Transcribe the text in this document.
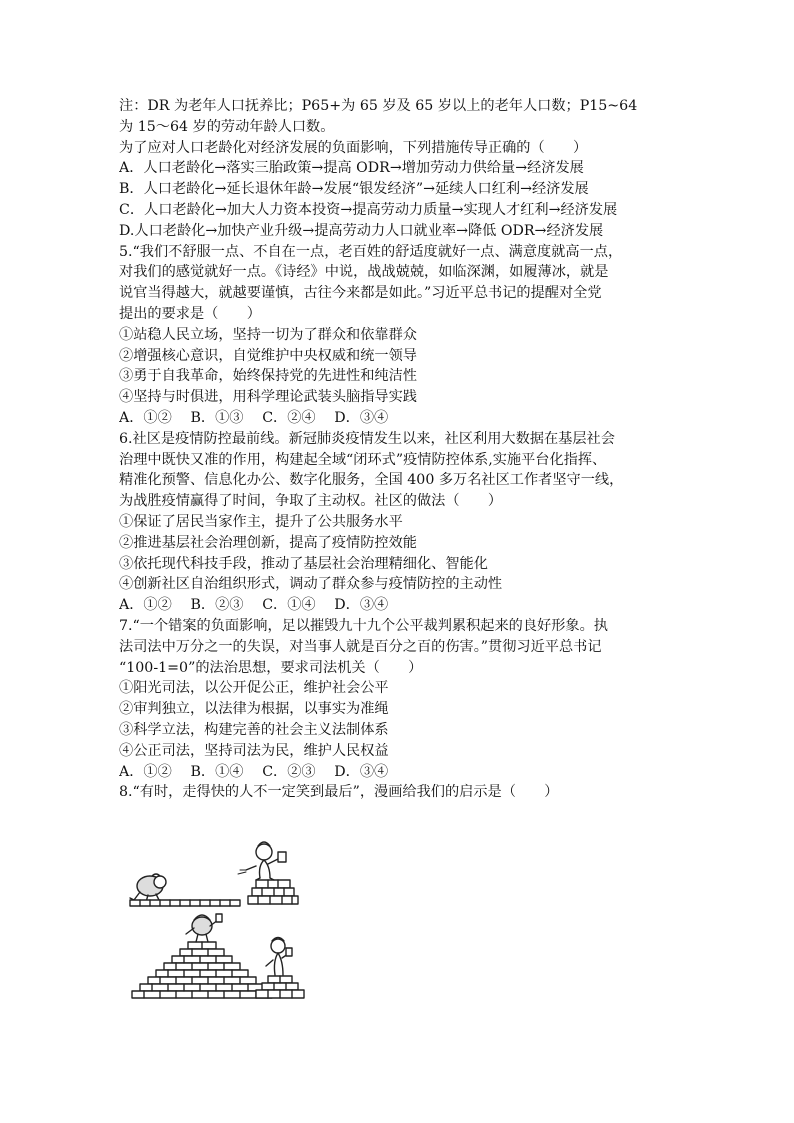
注：DR 为老年人口抚养比；P65+为 65 岁及 65 岁以上的老年人口数；P15~64
为 15～64 岁的劳动年龄人口数。
为了应对人口老龄化对经济发展的负面影响，下列措施传导正确的（　　）
A．人口老龄化→落实三胎政策→提高 ODR→增加劳动力供给量→经济发展
B．人口老龄化→延长退休年龄→发展“银发经济”→延续人口红利→经济发展
C．人口老龄化→加大人力资本投资→提高劳动力质量→实现人才红利→经济发展
D.人口老龄化→加快产业升级→提高劳动力人口就业率→降低 ODR→经济发展
5.“我们不舒服一点、不自在一点，老百姓的舒适度就好一点、满意度就高一点，
对我们的感觉就好一点。《诗经》中说，战战兢兢，如临深渊，如履薄冰，就是
说官当得越大，就越要谨慎，古往今来都是如此。”习近平总书记的提醒对全党
提出的要求是（　　）
①站稳人民立场，坚持一切为了群众和依靠群众
②增强核心意识，自觉维护中央权威和统一领导
③勇于自我革命，始终保持党的先进性和纯洁性
④坚持与时俱进，用科学理论武装头脑指导实践
A．①②　 B．①③　 C．②④　 D．③④
6.社区是疫情防控最前线。新冠肺炎疫情发生以来，社区利用大数据在基层社会
治理中既快又准的作用，构建起全域“闭环式”疫情防控体系,实施平台化指挥、
精准化预警、信息化办公、数字化服务，全国 400 多万名社区工作者坚守一线，
为战胜疫情赢得了时间，争取了主动权。社区的做法（　　）
①保证了居民当家作主，提升了公共服务水平
②推进基层社会治理创新，提高了疫情防控效能
③依托现代科技手段，推动了基层社会治理精细化、智能化
④创新社区自治组织形式，调动了群众参与疫情防控的主动性
A．①②　 B．②③　 C．①④　 D．③④
7.“一个错案的负面影响，足以摧毁九十九个公平裁判累积起来的良好形象。执
法司法中万分之一的失误，对当事人就是百分之百的伤害。”贯彻习近平总书记
“100-1=0”的法治思想，要求司法机关（　　）
①阳光司法，以公开促公正，维护社会公平
②审判独立，以法律为根据，以事实为准绳
③科学立法，构建完善的社会主义法制体系
④公正司法，坚持司法为民，维护人民权益
A．①②　 B．①④　 C．②③　 D．③④
8.“有时，走得快的人不一定笑到最后”，漫画给我们的启示是（　　）
